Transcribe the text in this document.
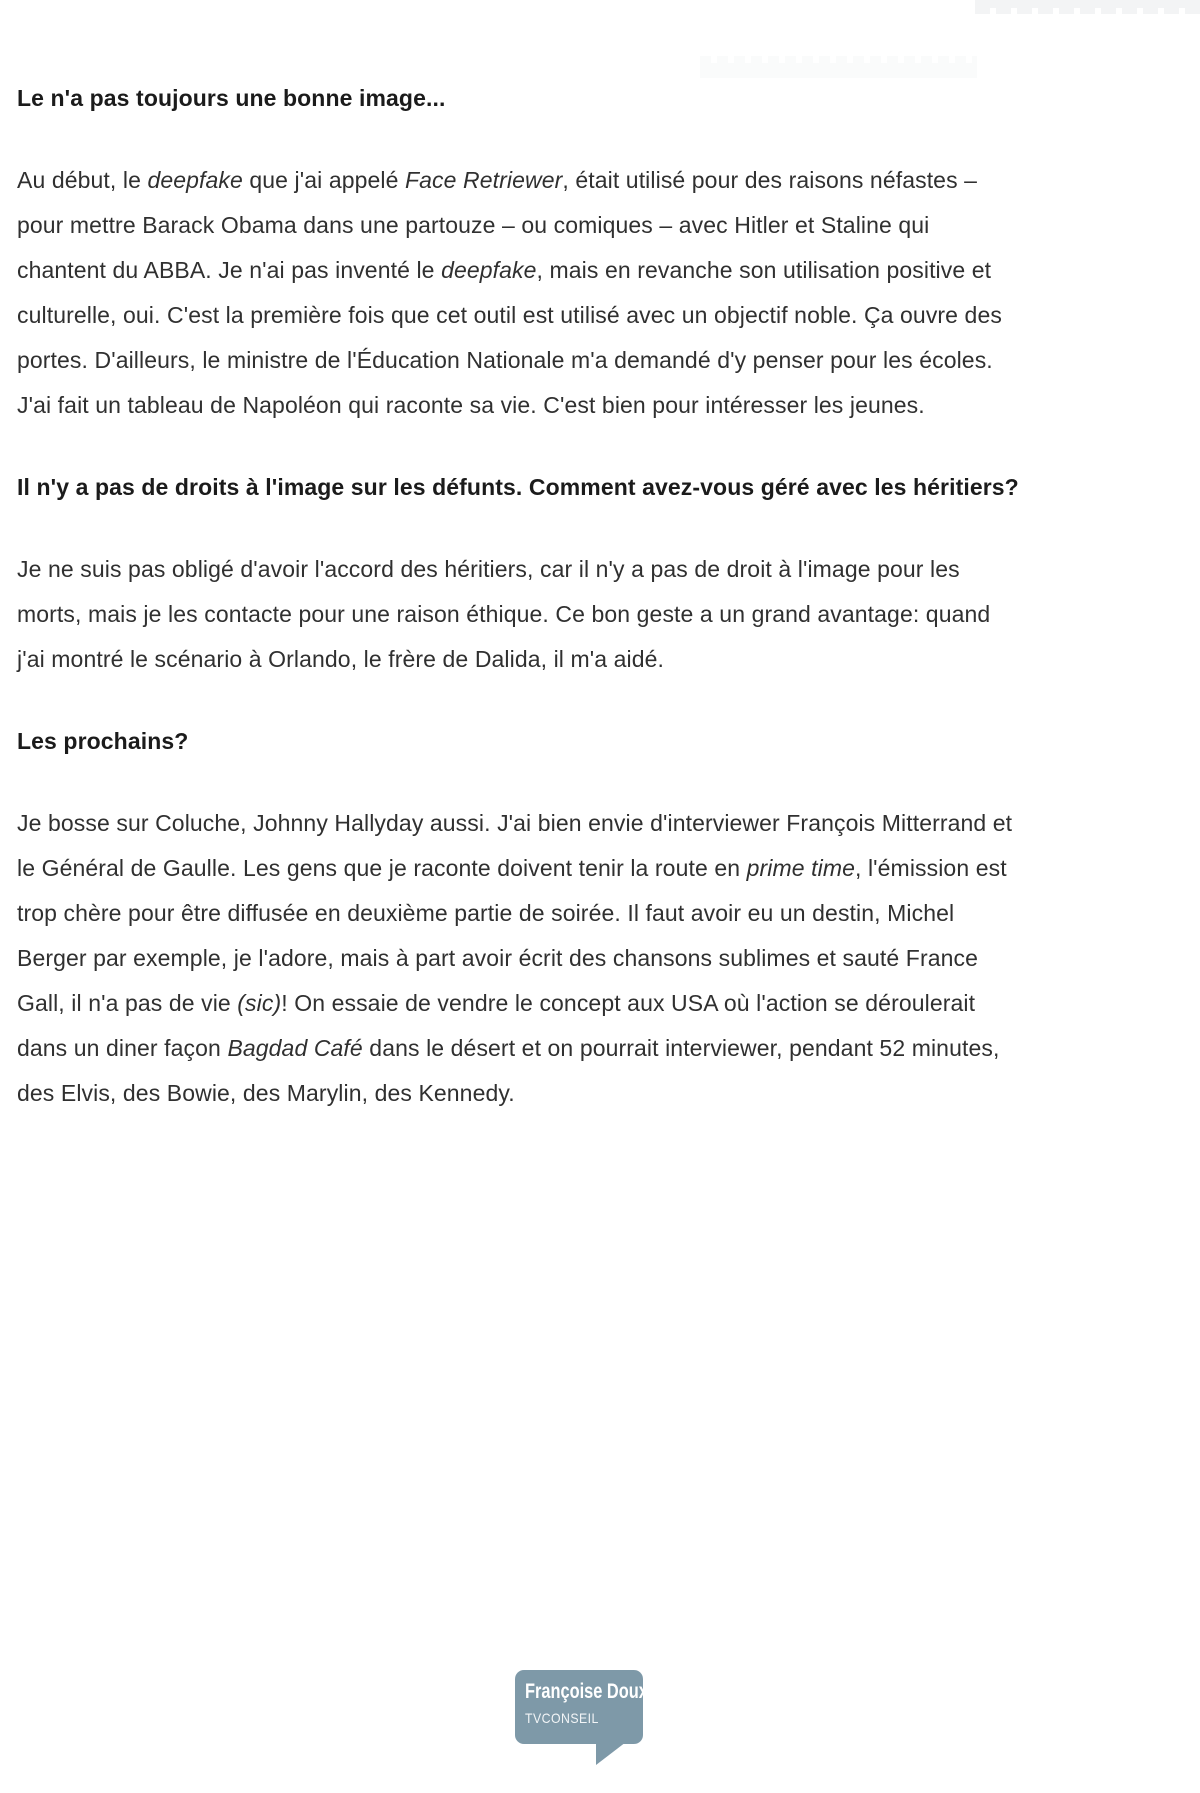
Le n'a pas toujours une bonne image...
Au début, le deepfake que j'ai appelé Face Retriewer, était utilisé pour des raisons néfastes – pour mettre Barack Obama dans une partouze – ou comiques – avec Hitler et Staline qui chantent du ABBA. Je n'ai pas inventé le deepfake, mais en revanche son utilisation positive et culturelle, oui. C'est la première fois que cet outil est utilisé avec un objectif noble. Ça ouvre des portes. D'ailleurs, le ministre de l'Éducation Nationale m'a demandé d'y penser pour les écoles. J'ai fait un tableau de Napoléon qui raconte sa vie. C'est bien pour intéresser les jeunes.
Il n'y a pas de droits à l'image sur les défunts. Comment avez-vous géré avec les héritiers?
Je ne suis pas obligé d'avoir l'accord des héritiers, car il n'y a pas de droit à l'image pour les morts, mais je les contacte pour une raison éthique. Ce bon geste a un grand avantage: quand j'ai montré le scénario à Orlando, le frère de Dalida, il m'a aidé.
Les prochains?
Je bosse sur Coluche, Johnny Hallyday aussi. J'ai bien envie d'interviewer François Mitterrand et le Général de Gaulle. Les gens que je raconte doivent tenir la route en prime time, l'émission est trop chère pour être diffusée en deuxième partie de soirée. Il faut avoir eu un destin, Michel Berger par exemple, je l'adore, mais à part avoir écrit des chansons sublimes et sauté France Gall, il n'a pas de vie (sic)! On essaie de vendre le concept aux USA où l'action se déroulerait dans un diner façon Bagdad Café dans le désert et on pourrait interviewer, pendant 52 minutes, des Elvis, des Bowie, des Marylin, des Kennedy.
Françoise Doux
TVCONSEIL
